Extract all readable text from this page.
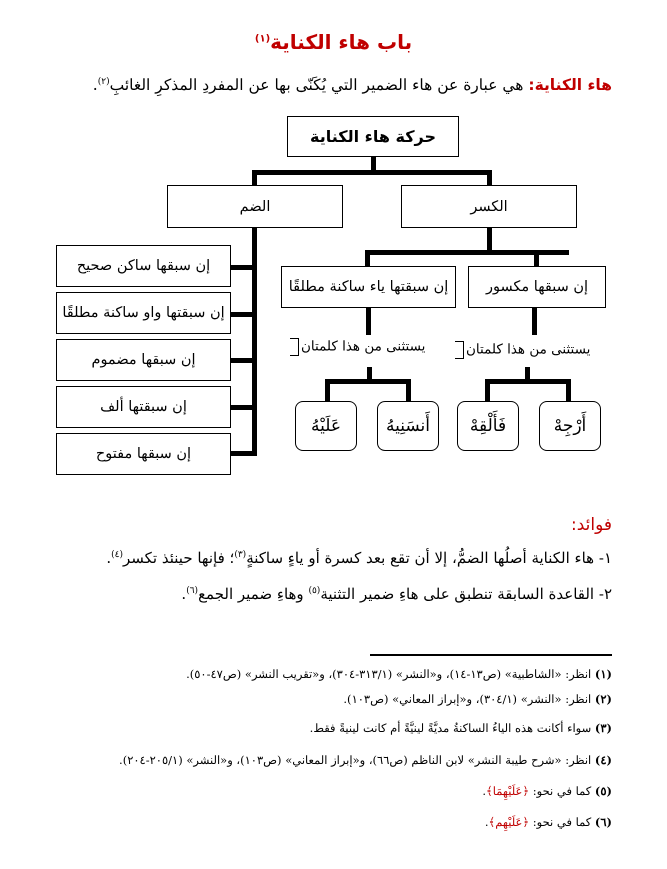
باب هاء الكناية$^{(١)}$
هاء الكناية: هي عبارة عن هاء الضمير التي يُكَنّى بها عن المفردِ المذكرِ الغائبِ$^{(٢)}$.
حركة هاء الكناية
الكسر
الضم
إن سبقها ساكن صحيح
إن سبقتها واو ساكنة مطلقًا
إن سبقها مضموم
إن سبقتها ألف
إن سبقها مفتوح
إن سبقها مكسور
إن سبقتها ياء ساكنة مطلقًا
يستثنى من هذا كلمتان
يستثنى من هذا كلمتان
أَرْجِهْ
فَأَلْقِهْ
أَنسَنِيهُ
عَلَيْهُ
فوائد:
١- هاء الكناية أصلُها الضمُّ، إلا أن تقع بعد كسرة أو ياءٍ ساكنةٍ$^{(٣)}$؛ فإنها حينئذ تكسر$^{(٤)}$.
٢- القاعدة السابقة تنطبق على هاءِ ضمير التثنية$^{(٥)}$ وهاءِ ضمير الجمع$^{(٦)}$.
(١) انظر: «الشاطبية» (ص١٣-١٤)، و«النشر» (٣١٣/١-٣٠٤)، و«تقريب النشر» (ص٤٧-٥٠).
(٢) انظر: «النشر» (٣٠٤/١)، و«إبراز المعاني» (ص١٠٣).
(٣) سواء أكانت هذه الياءُ الساكنةُ مديَّةً لينيَّةً أم كانت لينيةً فقط.
(٤) انظر: «شرح طيبة النشر» لابن الناظم (ص٦٦)، و«إبراز المعاني» (ص١٠٣)، و«النشر» (٢٠٥/١-٢٠٤).
(٥) كما في نحو: ﴿عَلَيْهِمَا﴾.
(٦) كما في نحو: ﴿عَلَيْهِم﴾.
